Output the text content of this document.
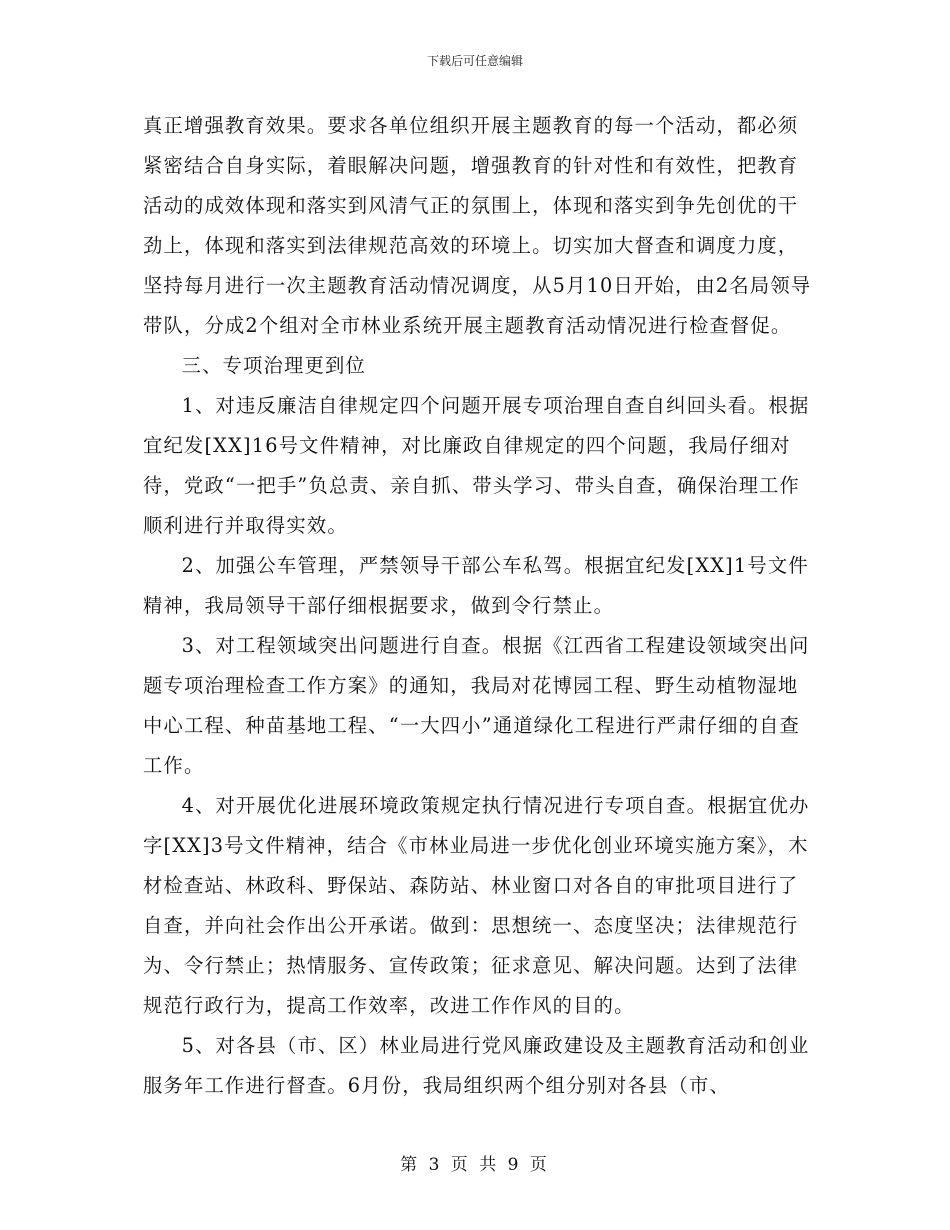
下载后可任意编辑

真正增强教育效果。要求各单位组织开展主题教育的每一个活动，都必须紧密结合自身实际，着眼解决问题，增强教育的针对性和有效性，把教育活动的成效体现和落实到风清气正的氛围上，体现和落实到争先创优的干劲上，体现和落实到法律规范高效的环境上。切实加大督查和调度力度，坚持每月进行一次主题教育活动情况调度，从5月10日开始，由2名局领导带队，分成2个组对全市林业系统开展主题教育活动情况进行检查督促。

三、专项治理更到位

1、对违反廉洁自律规定四个问题开展专项治理自查自纠回头看。根据宜纪发[XX]16号文件精神，对比廉政自律规定的四个问题，我局仔细对待，党政“一把手”负总责、亲自抓、带头学习、带头自查，确保治理工作顺利进行并取得实效。

2、加强公车管理，严禁领导干部公车私驾。根据宜纪发[XX]1号文件精神，我局领导干部仔细根据要求，做到令行禁止。

3、对工程领域突出问题进行自查。根据《江西省工程建设领域突出问题专项治理检查工作方案》的通知，我局对花博园工程、野生动植物湿地中心工程、种苗基地工程、“一大四小”通道绿化工程进行严肃仔细的自查工作。

4、对开展优化进展环境政策规定执行情况进行专项自查。根据宜优办字[XX]3号文件精神，结合《市林业局进一步优化创业环境实施方案》，木材检查站、林政科、野保站、森防站、林业窗口对各自的审批项目进行了自查，并向社会作出公开承诺。做到：思想统一、态度坚决；法律规范行为、令行禁止；热情服务、宣传政策；征求意见、解决问题。达到了法律规范行政行为，提高工作效率，改进工作作风的目的。

5、对各县（市、区）林业局进行党风廉政建设及主题教育活动和创业服务年工作进行督查。6月份，我局组织两个组分别对各县（市、

第 3 页 共 9 页
